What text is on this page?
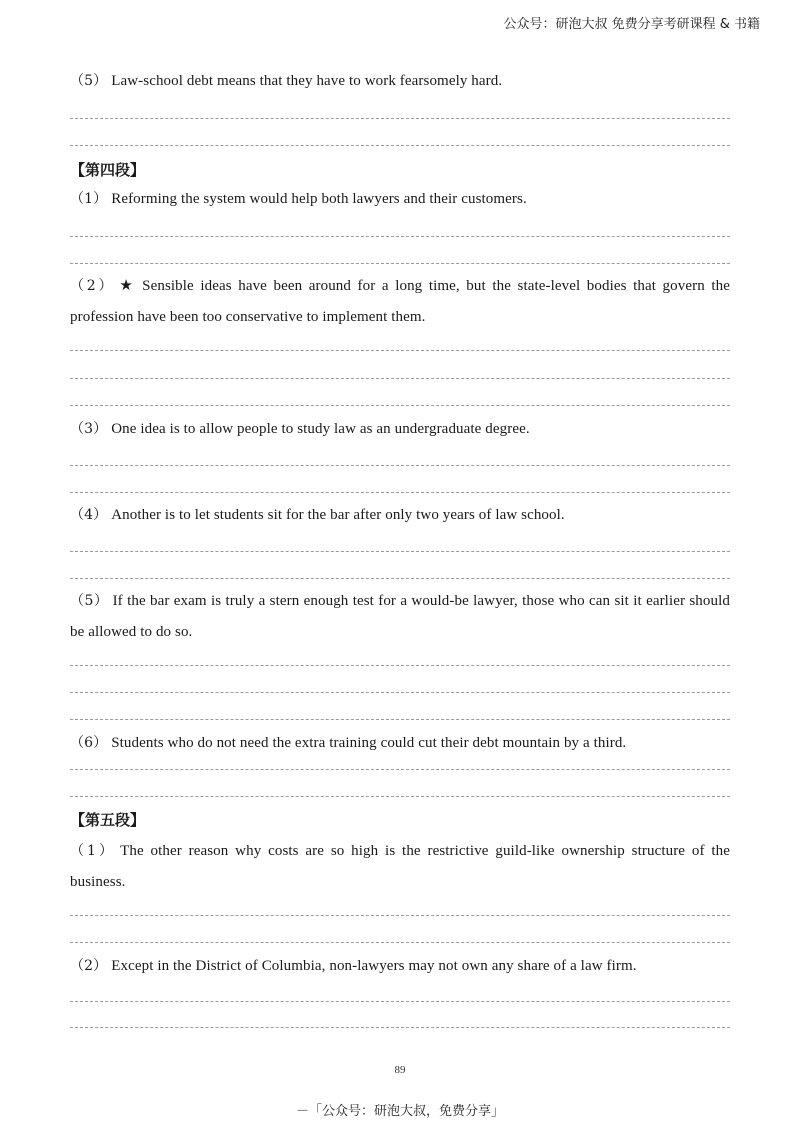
公众号：研泡大叔 免费分享考研课程 & 书籍
（5） Law-school debt means that they have to work fearsomely hard.
【第四段】
（1） Reforming the system would help both lawyers and their customers.
（2） ★ Sensible ideas have been around for a long time, but the state-level bodies that govern the profession have been too conservative to implement them.
（3） One idea is to allow people to study law as an undergraduate degree.
（4） Another is to let students sit for the bar after only two years of law school.
（5） If the bar exam is truly a stern enough test for a would-be lawyer, those who can sit it earlier should be allowed to do so.
（6） Students who do not need the extra training could cut their debt mountain by a third.
【第五段】
（1） The other reason why costs are so high is the restrictive guild-like ownership structure of the business.
（2） Except in the District of Columbia, non-lawyers may not own any share of a law firm.
89
－「公众号：研泡大叔，免费分享」
